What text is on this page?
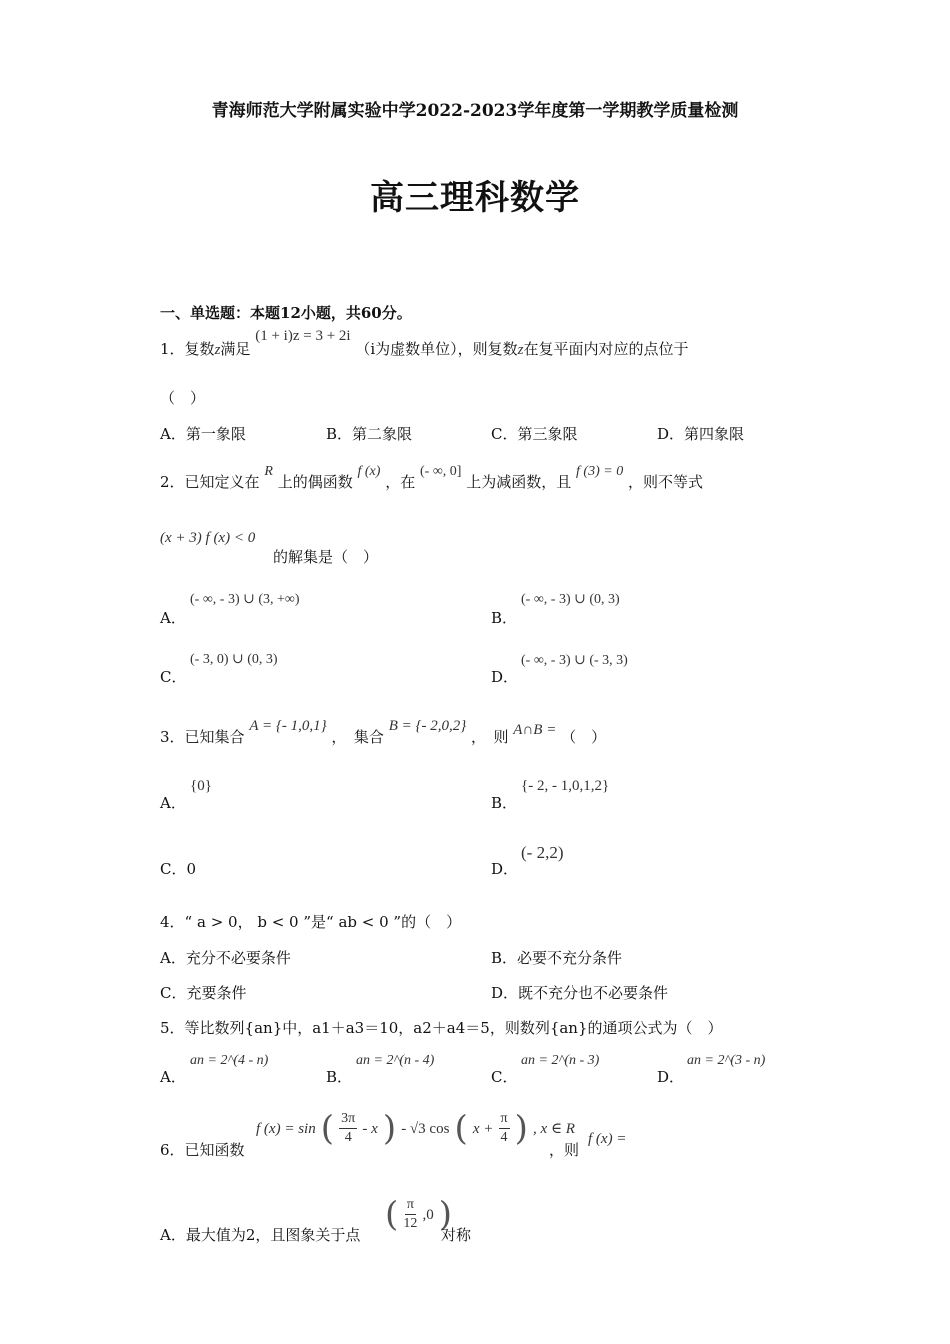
青海师范大学附属实验中学2022-2023学年度第一学期教学质量检测
高三理科数学
一、单选题：本题12小题，共60分。
1．复数z满足 (1 + i)z = 3 + 2i （i为虚数单位），则复数z在复平面内对应的点位于
（　）
A．第一象限	B．第二象限	C．第三象限	D．第四象限
2．已知定义在 R 上的偶函数 f (x) ，在 (- ∞, 0] 上为减函数，且 f (3) = 0 ，则不等式
(x + 3) f (x) < 0
的解集是（　）
A．
(- ∞, - 3) ∪ (3, +∞)
B．
(- ∞, - 3) ∪ (0, 3)
C．
(- 3, 0) ∪ (0, 3)
D．
(- ∞, - 3) ∪ (- 3, 3)
3．已知集合 A = {- 1,0,1} ，　集合 B = {- 2,0,2} ，　则 A∩B = （　）
A．
{0}
B．
{- 2, - 1,0,1,2}
C．0	D．
(- 2,2)
4．“ a > 0， b < 0 ”是“ ab < 0 ”的（　）
A．充分不必要条件	B．必要不充分条件
C．充要条件	D．既不充分也不必要条件
5．等比数列{an}中，a1＋a3＝10，a2＋a4＝5，则数列{an}的通项公式为（　）
A．
an = 2^(4 - n)
B．
an = 2^(n - 4)
C．
an = 2^(n - 3)
D．
an = 2^(3 - n)
6．已知函数
f (x) = sin ( $\frac{3\pi}{4}$ - x ) - √3 cos ( $x + \frac{\pi}{4}$ ) , x ∈ R
，则
f (x) =
A．最大值为2，且图象关于点
( $\frac{\pi}{12} ,0$ )
对称
